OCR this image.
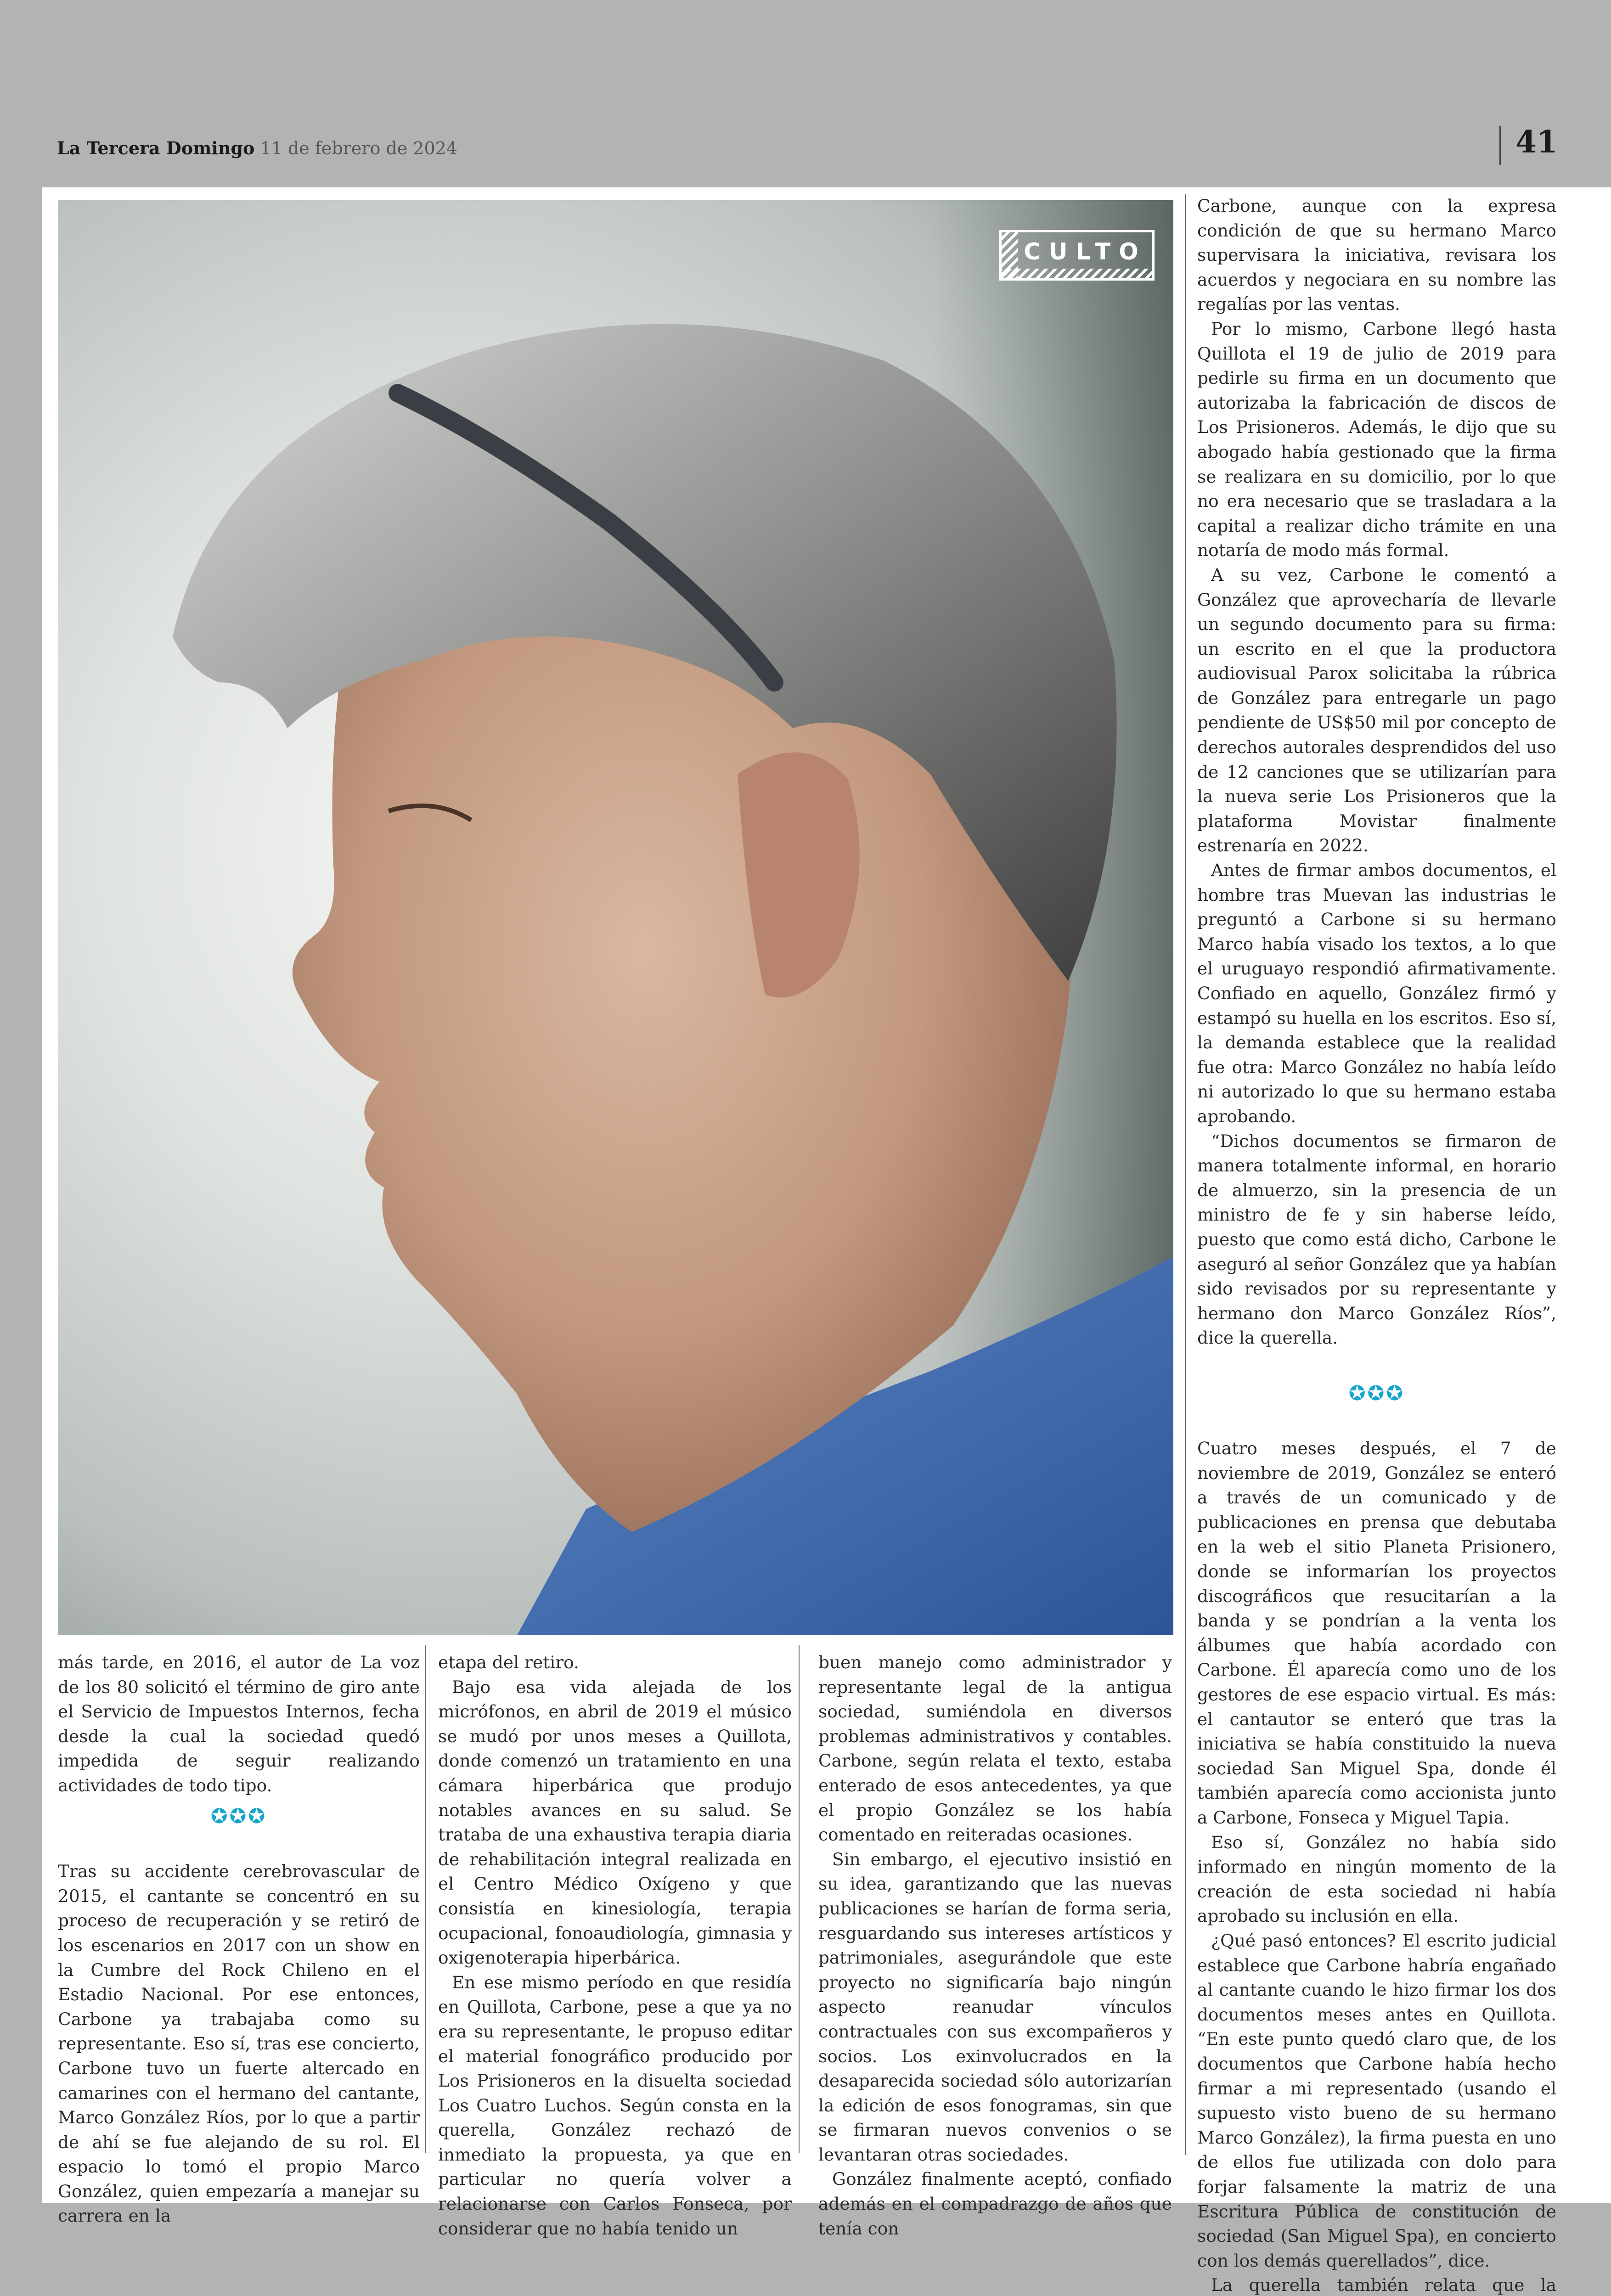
La Tercera Domingo 11 de febrero de 2024	41
CULTO

más tarde, en 2016, el autor de La voz de los 80 solicitó el término de giro ante el Servicio de Impuestos Internos, fecha desde la cual la sociedad quedó impedida de seguir realizando actividades de todo tipo.

✪✪✪

Tras su accidente cerebrovascular de 2015, el cantante se concentró en su proceso de recuperación y se retiró de los escenarios en 2017 con un show en la Cumbre del Rock Chileno en el Estadio Nacional. Por ese entonces, Carbone ya trabajaba como su representante. Eso sí, tras ese concierto, Carbone tuvo un fuerte altercado en camarines con el hermano del cantante, Marco González Ríos, por lo que a partir de ahí se fue alejando de su rol. El espacio lo tomó el propio Marco González, quien empezaría a manejar su carrera en la

etapa del retiro.

Bajo esa vida alejada de los micrófonos, en abril de 2019 el músico se mudó por unos meses a Quillota, donde comenzó un tratamiento en una cámara hiperbárica que produjo notables avances en su salud. Se trataba de una exhaustiva terapia diaria de rehabilitación integral realizada en el Centro Médico Oxígeno y que consistía en kinesiología, terapia ocupacional, fonoaudiología, gimnasia y oxigenoterapia hiperbárica.

En ese mismo período en que residía en Quillota, Carbone, pese a que ya no era su representante, le propuso editar el material fonográfico producido por Los Prisioneros en la disuelta sociedad Los Cuatro Luchos. Según consta en la querella, González rechazó de inmediato la propuesta, ya que en particular no quería volver a relacionarse con Carlos Fonseca, por considerar que no había tenido un

buen manejo como administrador y representante legal de la antigua sociedad, sumiéndola en diversos problemas administrativos y contables. Carbone, según relata el texto, estaba enterado de esos antecedentes, ya que el propio González se los había comentado en reiteradas ocasiones.

Sin embargo, el ejecutivo insistió en su idea, garantizando que las nuevas publicaciones se harían de forma seria, resguardando sus intereses artísticos y patrimoniales, asegurándole que este proyecto no significaría bajo ningún aspecto reanudar vínculos contractuales con sus excompañeros y socios. Los exinvolucrados en la desaparecida sociedad sólo autorizarían la edición de esos fonogramas, sin que se firmaran nuevos convenios o se levantaran otras sociedades.

González finalmente aceptó, confiado además en el compadrazgo de años que tenía con

Carbone, aunque con la expresa condición de que su hermano Marco supervisara la iniciativa, revisara los acuerdos y negociara en su nombre las regalías por las ventas.

Por lo mismo, Carbone llegó hasta Quillota el 19 de julio de 2019 para pedirle su firma en un documento que autorizaba la fabricación de discos de Los Prisioneros. Además, le dijo que su abogado había gestionado que la firma se realizara en su domicilio, por lo que no era necesario que se trasladara a la capital a realizar dicho trámite en una notaría de modo más formal.

A su vez, Carbone le comentó a González que aprovecharía de llevarle un segundo documento para su firma: un escrito en el que la productora audiovisual Parox solicitaba la rúbrica de González para entregarle un pago pendiente de US$50 mil por concepto de derechos autorales desprendidos del uso de 12 canciones que se utilizarían para la nueva serie Los Prisioneros que la plataforma Movistar finalmente estrenaría en 2022.

Antes de firmar ambos documentos, el hombre tras Muevan las industrias le preguntó a Carbone si su hermano Marco había visado los textos, a lo que el uruguayo respondió afirmativamente. Confiado en aquello, González firmó y estampó su huella en los escritos. Eso sí, la demanda establece que la realidad fue otra: Marco González no había leído ni autorizado lo que su hermano estaba aprobando.

“Dichos documentos se firmaron de manera totalmente informal, en horario de almuerzo, sin la presencia de un ministro de fe y sin haberse leído, puesto que como está dicho, Carbone le aseguró al señor González que ya habían sido revisados por su representante y hermano don Marco González Ríos”, dice la querella.

✪✪✪

Cuatro meses después, el 7 de noviembre de 2019, González se enteró a través de un comunicado y de publicaciones en prensa que debutaba en la web el sitio Planeta Prisionero, donde se informarían los proyectos discográficos que resucitarían a la banda y se pondrían a la venta los álbumes que había acordado con Carbone. Él aparecía como uno de los gestores de ese espacio virtual. Es más: el cantautor se enteró que tras la iniciativa se había constituido la nueva sociedad San Miguel Spa, donde él también aparecía como accionista junto a Carbone, Fonseca y Miguel Tapia.

Eso sí, González no había sido informado en ningún momento de la creación de esta sociedad ni había aprobado su inclusión en ella.

¿Qué pasó entonces? El escrito judicial establece que Carbone habría engañado al cantante cuando le hizo firmar los dos documentos meses antes en Quillota. “En este punto quedó claro que, de los documentos que Carbone había hecho firmar a mi representado (usando el supuesto visto bueno de su hermano Marco González), la firma puesta en uno de ellos fue utilizada con dolo para forjar falsamente la matriz de una Escritura Pública de constitución de sociedad (San Miguel Spa), en concierto con los demás querellados”, dice.

La querella también relata que la
